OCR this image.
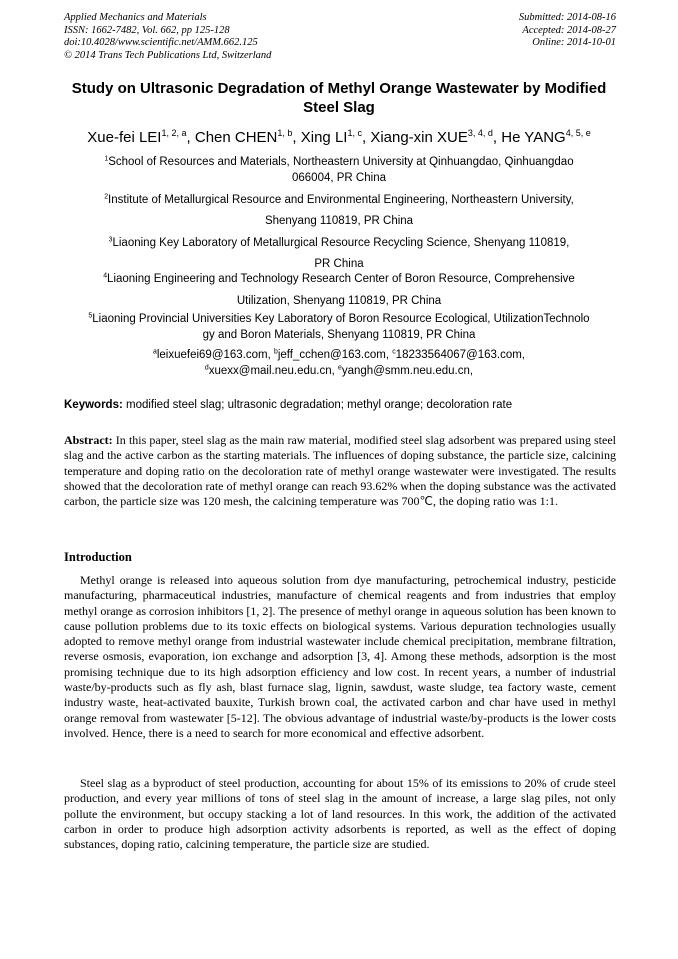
Applied Mechanics and Materials
ISSN: 1662-7482, Vol. 662, pp 125-128
doi:10.4028/www.scientific.net/AMM.662.125
© 2014 Trans Tech Publications Ltd, Switzerland
Submitted: 2014-08-16
Accepted: 2014-08-27
Online: 2014-10-01
Study on Ultrasonic Degradation of Methyl Orange Wastewater by Modified Steel Slag
Xue-fei LEI$^{1, 2, a}$, Chen CHEN$^{1, b}$, Xing LI$^{1, c}$, Xiang-xin XUE$^{3, 4, d}$, He YANG$^{4, 5, e}$

$^1$School of Resources and Materials, Northeastern University at Qinhuangdao, Qinhuangdao

066004, PR China

$^2$Institute of Metallurgical Resource and Environmental Engineering, Northeastern University,

Shenyang 110819, PR China

$^3$Liaoning Key Laboratory of Metallurgical Resource Recycling Science, Shenyang 110819,

PR China

$^4$Liaoning Engineering and Technology Research Center of Boron Resource, Comprehensive

Utilization, Shenyang 110819, PR China

$^5$Liaoning Provincial Universities Key Laboratory of Boron Resource Ecological, UtilizationTechnolo

gy and Boron Materials, Shenyang 110819, PR China

$^a$leixuefei69@163.com, $^b$jeff_cchen@163.com, $^c$18233564067@163.com,

$^d$xuexx@mail.neu.edu.cn, $^e$yangh@smm.neu.edu.cn,

Keywords: modified steel slag; ultrasonic degradation; methyl orange; decoloration rate
Abstract: In this paper, steel slag as the main raw material, modified steel slag adsorbent was prepared using steel slag and the active carbon as the starting materials. The influences of doping substance, the particle size, calcining temperature and doping ratio on the decoloration rate of methyl orange wastewater were investigated. The results showed that the decoloration rate of methyl orange can reach 93.62% when the doping substance was the activated carbon, the particle size was 120 mesh, the calcining temperature was 700℃, the doping ratio was 1:1.
Introduction

Methyl orange is released into aqueous solution from dye manufacturing, petrochemical industry, pesticide manufacturing, pharmaceutical industries, manufacture of chemical reagents and from industries that employ methyl orange as corrosion inhibitors [1, 2]. The presence of methyl orange in aqueous solution has been known to cause pollution problems due to its toxic effects on biological systems. Various depuration technologies usually adopted to remove methyl orange from industrial wastewater include chemical precipitation, membrane filtration, reverse osmosis, evaporation, ion exchange and adsorption [3, 4]. Among these methods, adsorption is the most promising technique due to its high adsorption efficiency and low cost. In recent years, a number of industrial waste/by-products such as fly ash, blast furnace slag, lignin, sawdust, waste sludge, tea factory waste, cement industry waste, heat-activated bauxite, Turkish brown coal, the activated carbon and char have used in methyl orange removal from wastewater [5-12]. The obvious advantage of industrial waste/by-products is the lower costs involved. Hence, there is a need to search for more economical and effective adsorbent.

Steel slag as a byproduct of steel production, accounting for about 15% of its emissions to 20% of crude steel production, and every year millions of tons of steel slag in the amount of increase, a large slag piles, not only pollute the environment, but occupy stacking a lot of land resources. In this work, the addition of the activated carbon in order to produce high adsorption activity adsorbents is reported, as well as the effect of doping substances, doping ratio, calcining temperature, the particle size are studied.
